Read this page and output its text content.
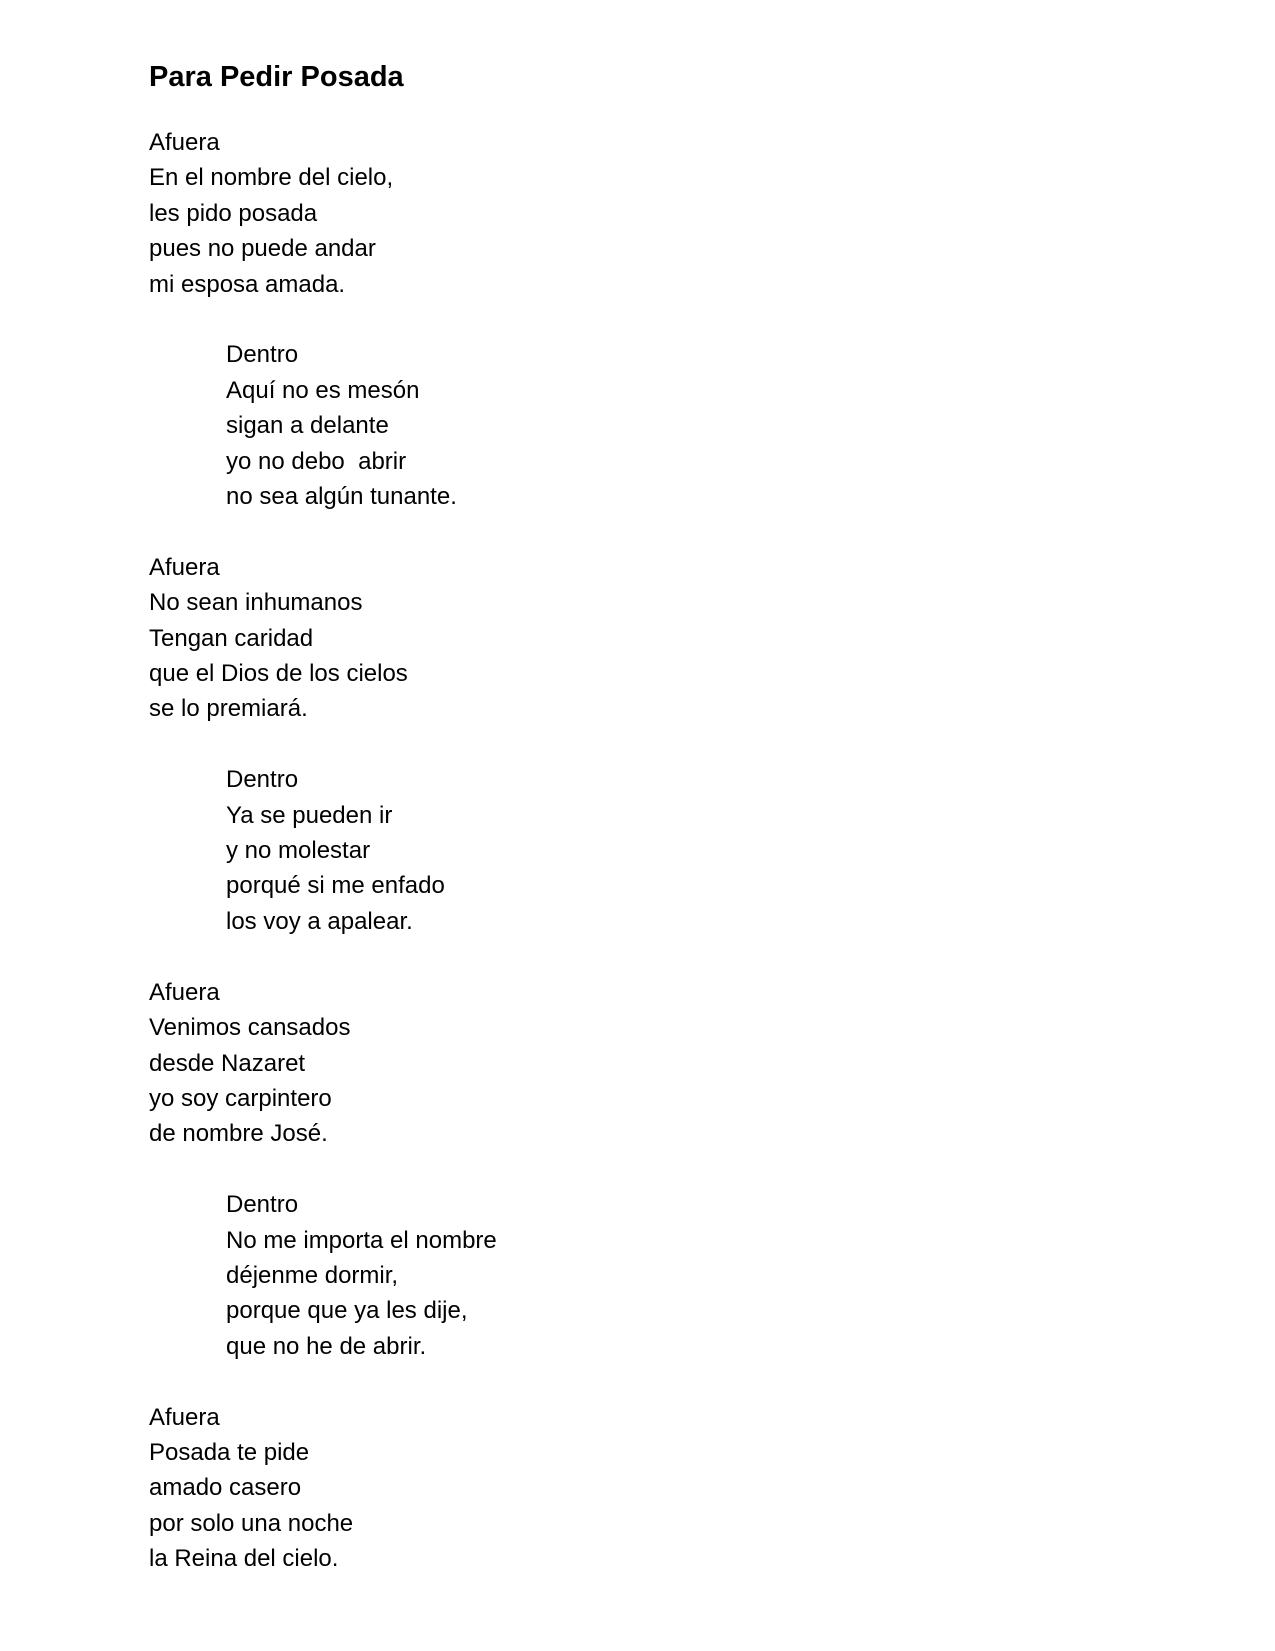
Para Pedir Posada
Afuera
En el nombre del cielo,
les pido posada
pues no puede andar
mi esposa amada.
Dentro
Aquí no es mesón
sigan a delante
yo no debo  abrir
no sea algún tunante.
Afuera
No sean inhumanos
Tengan caridad
que el Dios de los cielos
se lo premiará.
Dentro
Ya se pueden ir
y no molestar
porqué si me enfado
los voy a apalear.
Afuera
Venimos cansados
desde Nazaret
yo soy carpintero
de nombre José.
Dentro
No me importa el nombre
déjenme dormir,
porque que ya les dije,
que no he de abrir.
Afuera
Posada te pide
amado casero
por solo una noche
la Reina del cielo.
